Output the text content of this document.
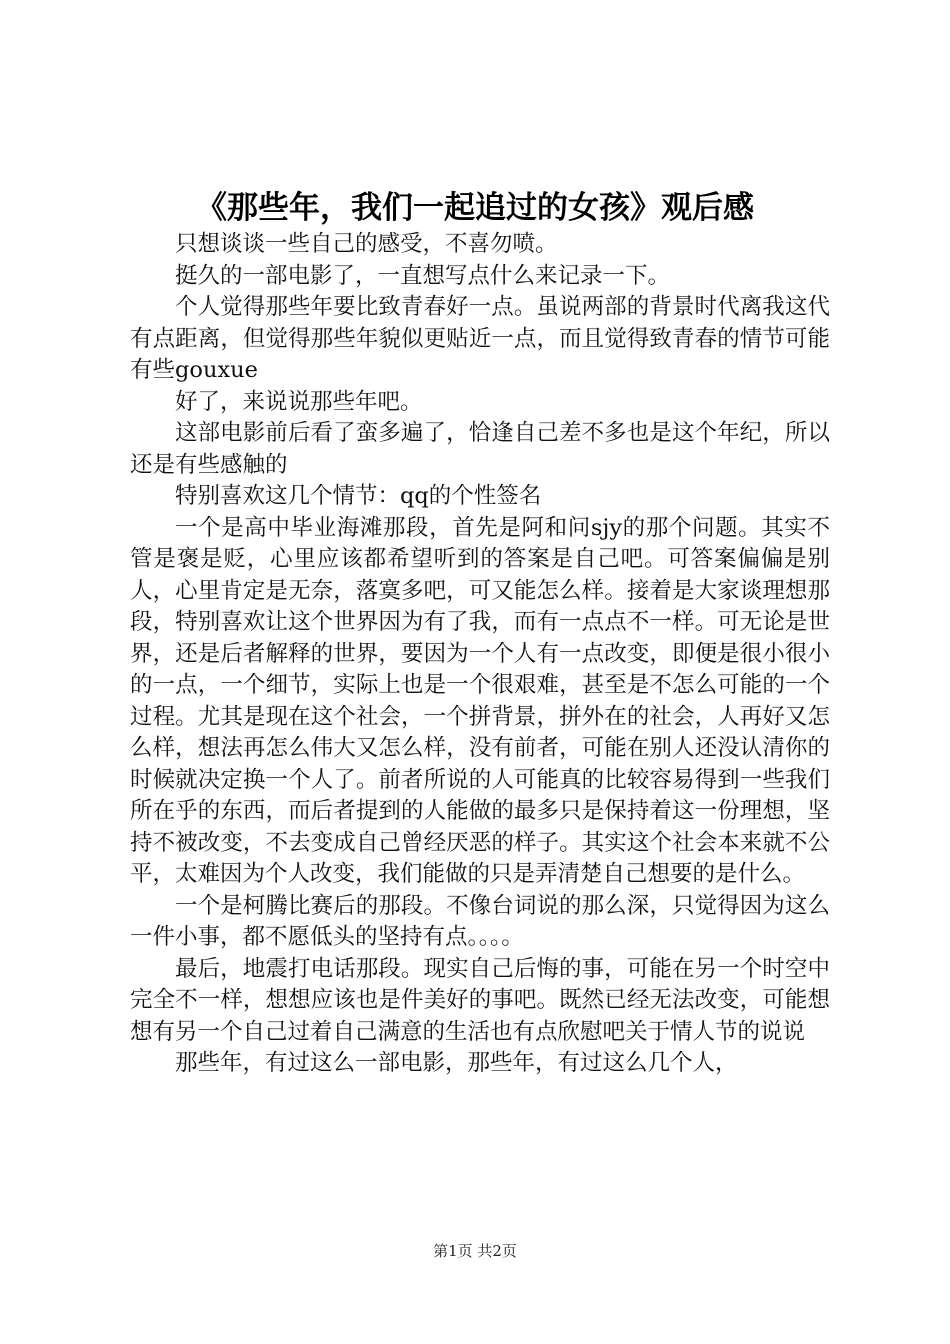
《那些年，我们一起追过的女孩》观后感

只想谈谈一些自己的感受，不喜勿喷。

挺久的一部电影了，一直想写点什么来记录一下。

个人觉得那些年要比致青春好一点。虽说两部的背景时代离我这代有点距离，但觉得那些年貌似更贴近一点，而且觉得致青春的情节可能有些gouxue

好了，来说说那些年吧。

这部电影前后看了蛮多遍了，恰逢自己差不多也是这个年纪，所以还是有些感触的

特别喜欢这几个情节：qq的个性签名

一个是高中毕业海滩那段，首先是阿和问sjy的那个问题。其实不管是褒是贬，心里应该都希望听到的答案是自己吧。可答案偏偏是别人，心里肯定是无奈，落寞多吧，可又能怎么样。接着是大家谈理想那段，特别喜欢让这个世界因为有了我，而有一点点不一样。可无论是世界，还是后者解释的世界，要因为一个人有一点改变，即便是很小很小的一点，一个细节，实际上也是一个很艰难，甚至是不怎么可能的一个过程。尤其是现在这个社会，一个拼背景，拼外在的社会，人再好又怎么样，想法再怎么伟大又怎么样，没有前者，可能在别人还没认清你的时候就决定换一个人了。前者所说的人可能真的比较容易得到一些我们所在乎的东西，而后者提到的人能做的最多只是保持着这一份理想，坚持不被改变，不去变成自己曾经厌恶的样子。其实这个社会本来就不公平，太难因为个人改变，我们能做的只是弄清楚自己想要的是什么。

一个是柯腾比赛后的那段。不像台词说的那么深，只觉得因为这么一件小事，都不愿低头的坚持有点。。。。

最后，地震打电话那段。现实自己后悔的事，可能在另一个时空中完全不一样，想想应该也是件美好的事吧。既然已经无法改变，可能想想有另一个自己过着自己满意的生活也有点欣慰吧关于情人节的说说

那些年，有过这么一部电影，那些年，有过这么几个人，

第1页 共2页
